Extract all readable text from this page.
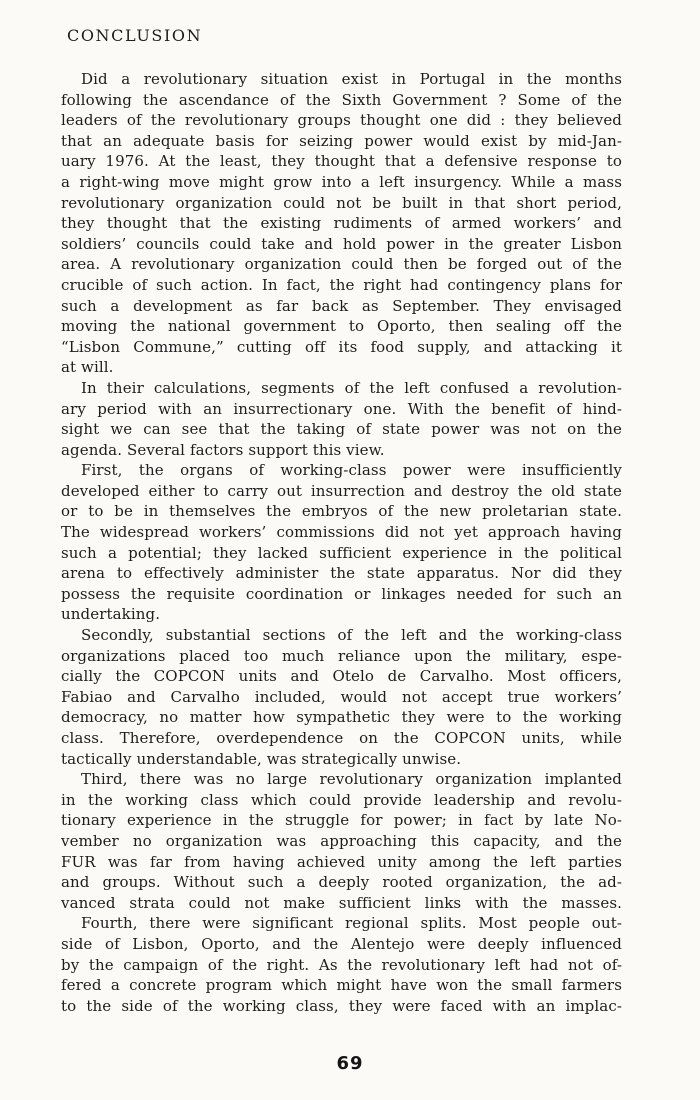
CONCLUSION
Did a revolutionary situation exist in Portugal in the months
following the ascendance of the Sixth Government ? Some of the
leaders of the revolutionary groups thought one did : they believed
that an adequate basis for seizing power would exist by mid-Jan-
uary 1976. At the least, they thought that a defensive response to
a right-wing move might grow into a left insurgency. While a mass
revolutionary organization could not be built in that short period,
they thought that the existing rudiments of armed workers’ and
soldiers’ councils could take and hold power in the greater Lisbon
area. A revolutionary organization could then be forged out of the
crucible of such action. In fact, the right had contingency plans for
such a development as far back as September. They envisaged
moving the national government to Oporto, then sealing off the
“Lisbon Commune,” cutting off its food supply, and attacking it
at will.
In their calculations, segments of the left confused a revolution-
ary period with an insurrectionary one. With the benefit of hind-
sight we can see that the taking of state power was not on the
agenda. Several factors support this view.
First, the organs of working-class power were insufficiently
developed either to carry out insurrection and destroy the old state
or to be in themselves the embryos of the new proletarian state.
The widespread workers’ commissions did not yet approach having
such a potential; they lacked sufficient experience in the political
arena to effectively administer the state apparatus. Nor did they
possess the requisite coordination or linkages needed for such an
undertaking.
Secondly, substantial sections of the left and the working-class
organizations placed too much reliance upon the military, espe-
cially the COPCON units and Otelo de Carvalho. Most officers,
Fabiao and Carvalho included, would not accept true workers’
democracy, no matter how sympathetic they were to the working
class. Therefore, overdependence on the COPCON units, while
tactically understandable, was strategically unwise.
Third, there was no large revolutionary organization implanted
in the working class which could provide leadership and revolu-
tionary experience in the struggle for power; in fact by late No-
vember no organization was approaching this capacity, and the
FUR was far from having achieved unity among the left parties
and groups. Without such a deeply rooted organization, the ad-
vanced strata could not make sufficient links with the masses.
Fourth, there were significant regional splits. Most people out-
side of Lisbon, Oporto, and the Alentejo were deeply influenced
by the campaign of the right. As the revolutionary left had not of-
fered a concrete program which might have won the small farmers
to the side of the working class, they were faced with an implac-
69
